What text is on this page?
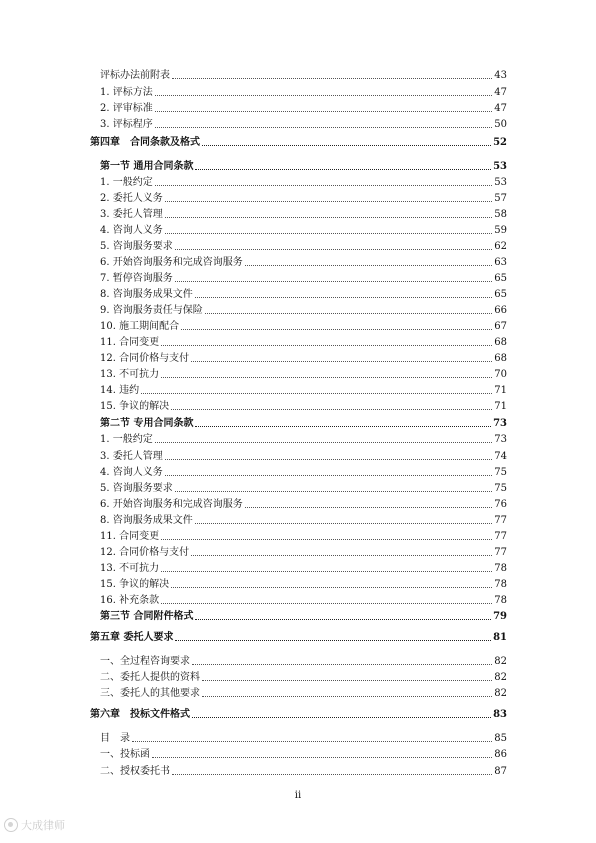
评标办法前附表	43
1. 评标方法	47
2. 评审标准	47
3. 评标程序	50
第四章　合同条款及格式	52
第一节 通用合同条款	53
1. 一般约定	53
2. 委托人义务	57
3. 委托人管理	58
4. 咨询人义务	59
5. 咨询服务要求	62
6. 开始咨询服务和完成咨询服务	63
7. 暂停咨询服务	65
8. 咨询服务成果文件	65
9. 咨询服务责任与保险	66
10. 施工期间配合	67
11. 合同变更	68
12. 合同价格与支付	68
13. 不可抗力	70
14. 违约	71
15. 争议的解决	71
第二节 专用合同条款	73
1. 一般约定	73
3. 委托人管理	74
4. 咨询人义务	75
5. 咨询服务要求	75
6. 开始咨询服务和完成咨询服务	76
8. 咨询服务成果文件	77
11. 合同变更	77
12. 合同价格与支付	77
13. 不可抗力	78
15. 争议的解决	78
16. 补充条款	78
第三节 合同附件格式	79
第五章 委托人要求	81
一、全过程咨询要求	82
二、委托人提供的资料	82
三、委托人的其他要求	82
第六章　投标文件格式	83
目　录	85
一、投标函	86
二、授权委托书	87
ii
大成律师
